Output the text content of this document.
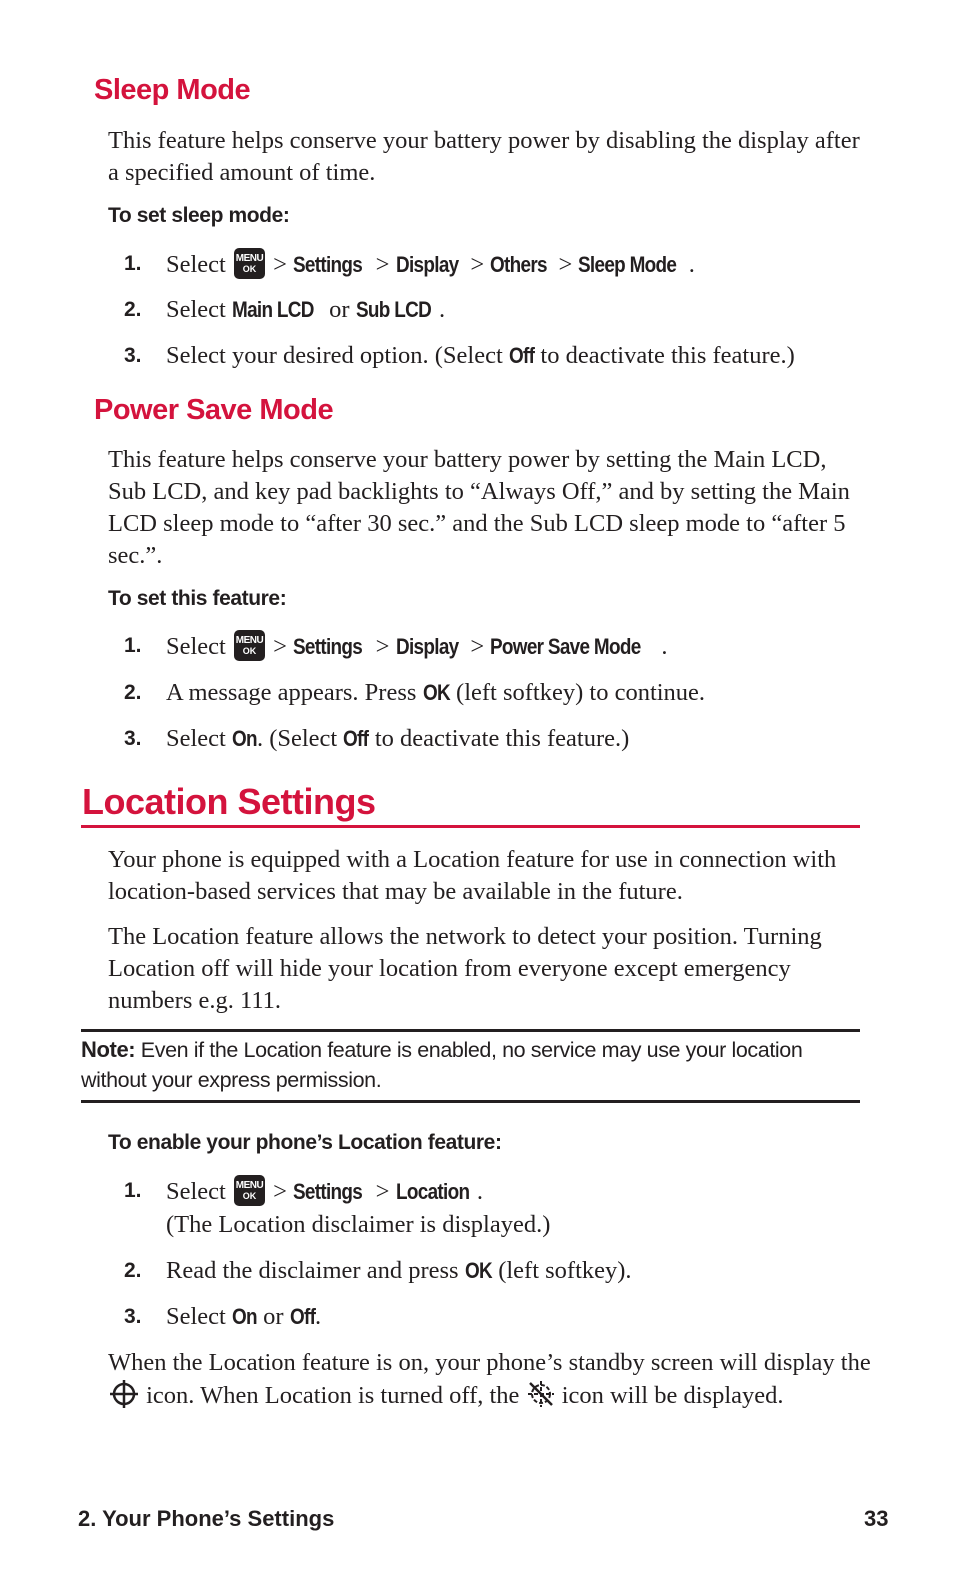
Sleep Mode

This feature helps conserve your battery power by disabling the display after a specified amount of time.

To set sleep mode:

1. Select MENU
OK > Settings > Display > Others > Sleep Mode .
2. Select Main LCD or Sub LCD .
3. Select your desired option. (Select Off to deactivate this feature.)
Power Save Mode

This feature helps conserve your battery power by setting the Main LCD, Sub LCD, and key pad backlights to “Always Off,” and by setting the Main LCD sleep mode to “after 30 sec.” and the Sub LCD sleep mode to “after 5 sec.”.

To set this feature:

1. Select MENU
OK > Settings > Display > Power Save Mode .
2. A message appears. Press OK (left softkey) to continue.
3. Select On. (Select Off to deactivate this feature.)
Location Settings

Your phone is equipped with a Location feature for use in connection with location-based services that may be available in the future.

The Location feature allows the network to detect your position. Turning Location off will hide your location from everyone except emergency numbers e.g. 111.

Note: Even if the Location feature is enabled, no service may use your location without your express permission.

To enable your phone’s Location feature:

1. Select MENU
OK > Settings > Location .
(The Location disclaimer is displayed.)
2. Read the disclaimer and press OK (left softkey).
3. Select On or Off.
When the Location feature is on, your phone’s standby screen will display the  icon. When Location is turned off, the icon will be displayed.
2. Your Phone’s Settings	33
